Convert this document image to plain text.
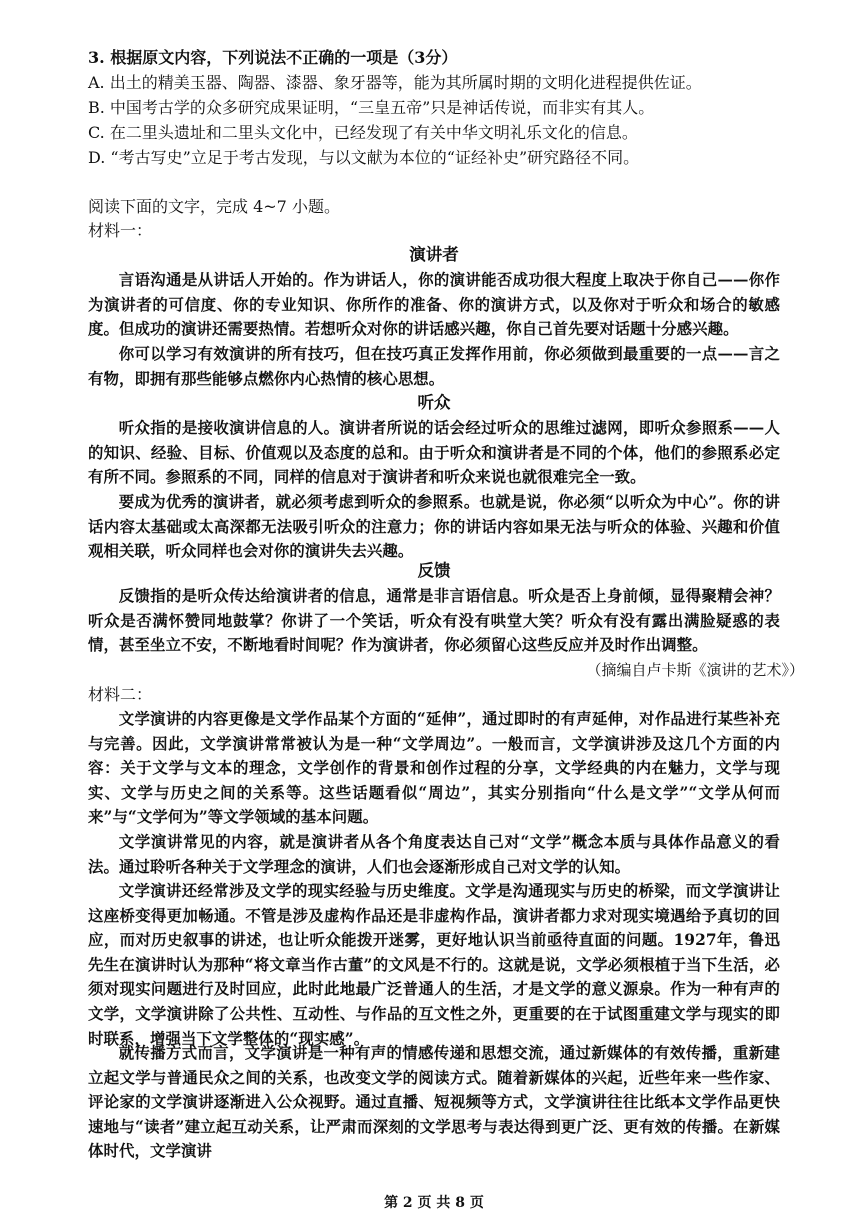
3. 根据原文内容，下列说法不正确的一项是（3分）
A. 出土的精美玉器、陶器、漆器、象牙器等，能为其所属时期的文明化进程提供佐证。
B. 中国考古学的众多研究成果证明，“三皇五帝”只是神话传说，而非实有其人。
C. 在二里头遗址和二里头文化中，已经发现了有关中华文明礼乐文化的信息。
D. “考古写史”立足于考古发现，与以文献为本位的“证经补史”研究路径不同。
阅读下面的文字，完成 4~7 小题。
材料一：
演讲者
言语沟通是从讲话人开始的。作为讲话人，你的演讲能否成功很大程度上取决于你自己——你作为演讲者的可信度、你的专业知识、你所作的准备、你的演讲方式，以及你对于听众和场合的敏感度。但成功的演讲还需要热情。若想听众对你的讲话感兴趣，你自己首先要对话题十分感兴趣。
你可以学习有效演讲的所有技巧，但在技巧真正发挥作用前，你必须做到最重要的一点——言之有物，即拥有那些能够点燃你内心热情的核心思想。
听众
听众指的是接收演讲信息的人。演讲者所说的话会经过听众的思维过滤网，即听众参照系——人的知识、经验、目标、价值观以及态度的总和。由于听众和演讲者是不同的个体，他们的参照系必定有所不同。参照系的不同，同样的信息对于演讲者和听众来说也就很难完全一致。
要成为优秀的演讲者，就必须考虑到听众的参照系。也就是说，你必须“以听众为中心”。你的讲话内容太基础或太高深都无法吸引听众的注意力；你的讲话内容如果无法与听众的体验、兴趣和价值观相关联，听众同样也会对你的演讲失去兴趣。
反馈
反馈指的是听众传达给演讲者的信息，通常是非言语信息。听众是否上身前倾，显得聚精会神？听众是否满怀赞同地鼓掌？你讲了一个笑话，听众有没有哄堂大笑？听众有没有露出满脸疑惑的表情，甚至坐立不安，不断地看时间呢？作为演讲者，你必须留心这些反应并及时作出调整。
（摘编自卢卡斯《演讲的艺术》）
材料二：
文学演讲的内容更像是文学作品某个方面的“延伸”，通过即时的有声延伸，对作品进行某些补充与完善。因此，文学演讲常常被认为是一种“文学周边”。一般而言，文学演讲涉及这几个方面的内容：关于文学与文本的理念，文学创作的背景和创作过程的分享，文学经典的内在魅力，文学与现实、文学与历史之间的关系等。这些话题看似“周边”，其实分别指向“什么是文学”“文学从何而来”与“文学何为”等文学领域的基本问题。
文学演讲常见的内容，就是演讲者从各个角度表达自己对“文学”概念本质与具体作品意义的看法。通过聆听各种关于文学理念的演讲，人们也会逐渐形成自己对文学的认知。
文学演讲还经常涉及文学的现实经验与历史维度。文学是沟通现实与历史的桥梁，而文学演讲让这座桥变得更加畅通。不管是涉及虚构作品还是非虚构作品，演讲者都力求对现实境遇给予真切的回应，而对历史叙事的讲述，也让听众能拨开迷雾，更好地认识当前亟待直面的问题。1927年，鲁迅先生在演讲时认为那种“将文章当作古董”的文风是不行的。这就是说，文学必须根植于当下生活，必须对现实问题进行及时回应，此时此地最广泛普通人的生活，才是文学的意义源泉。作为一种有声的文学，文学演讲除了公共性、互动性、与作品的互文性之外，更重要的在于试图重建文学与现实的即时联系，增强当下文学整体的“现实感”。
就传播方式而言，文学演讲是一种有声的情感传递和思想交流，通过新媒体的有效传播，重新建立起文学与普通民众之间的关系，也改变文学的阅读方式。随着新媒体的兴起，近些年来一些作家、评论家的文学演讲逐渐进入公众视野。通过直播、短视频等方式，文学演讲往往比纸本文学作品更快速地与“读者”建立起互动关系，让严肃而深刻的文学思考与表达得到更广泛、更有效的传播。在新媒体时代，文学演讲
第 2 页 共 8 页
